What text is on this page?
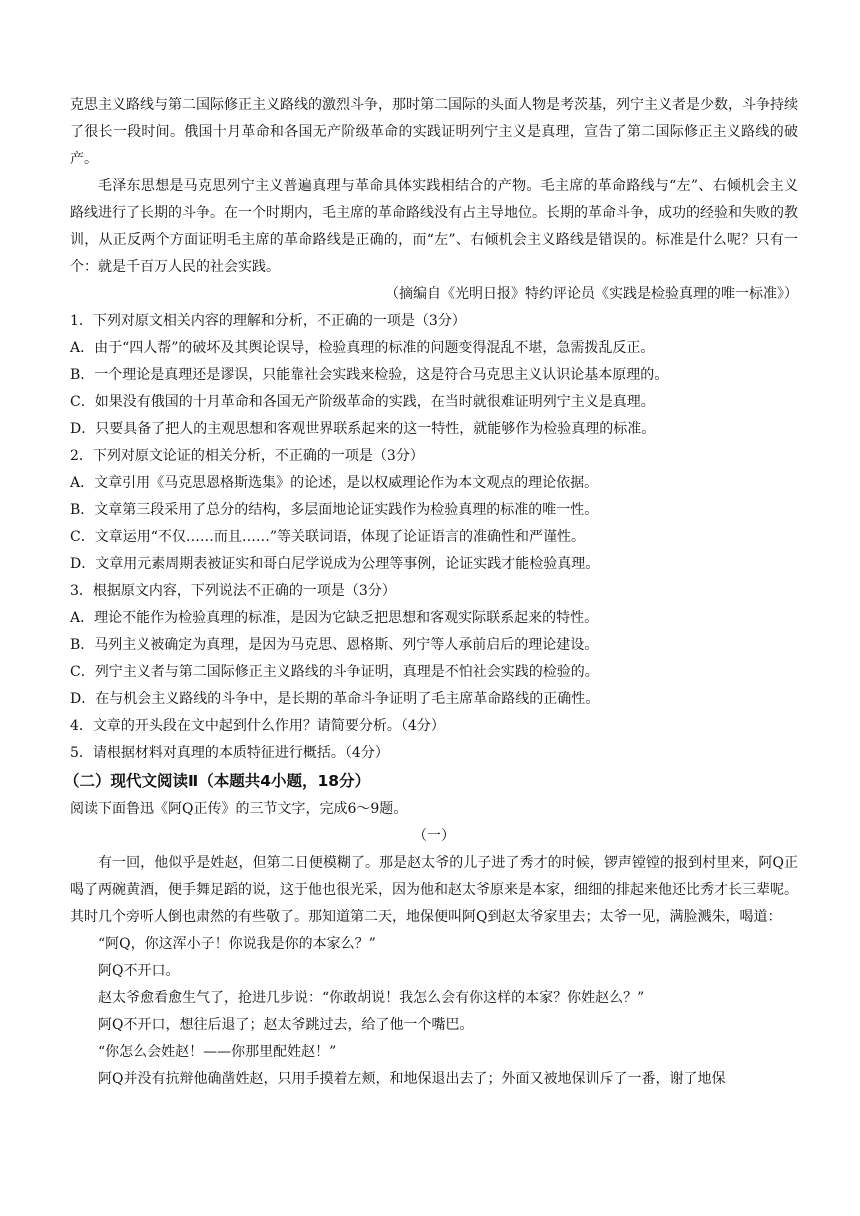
克思主义路线与第二国际修正主义路线的激烈斗争，那时第二国际的头面人物是考茨基，列宁主义者是少数，斗争持续了很长一段时间。俄国十月革命和各国无产阶级革命的实践证明列宁主义是真理，宣告了第二国际修正主义路线的破产。

毛泽东思想是马克思列宁主义普遍真理与革命具体实践相结合的产物。毛主席的革命路线与“左”、右倾机会主义路线进行了长期的斗争。在一个时期内，毛主席的革命路线没有占主导地位。长期的革命斗争，成功的经验和失败的教训，从正反两个方面证明毛主席的革命路线是正确的，而“左”、右倾机会主义路线是错误的。标准是什么呢？只有一个：就是千百万人民的社会实践。

（摘编自《光明日报》特约评论员《实践是检验真理的唯一标准》）

1．下列对原文相关内容的理解和分析，不正确的一项是（3分）

A．由于“四人帮”的破坏及其舆论误导，检验真理的标准的问题变得混乱不堪，急需拨乱反正。

B．一个理论是真理还是谬误，只能靠社会实践来检验，这是符合马克思主义认识论基本原理的。

C．如果没有俄国的十月革命和各国无产阶级革命的实践，在当时就很难证明列宁主义是真理。

D．只要具备了把人的主观思想和客观世界联系起来的这一特性，就能够作为检验真理的标准。

2．下列对原文论证的相关分析，不正确的一项是（3分）

A．文章引用《马克思恩格斯选集》的论述，是以权威理论作为本文观点的理论依据。

B．文章第三段采用了总分的结构，多层面地论证实践作为检验真理的标准的唯一性。

C．文章运用“不仅……而且……”等关联词语，体现了论证语言的准确性和严谨性。

D．文章用元素周期表被证实和哥白尼学说成为公理等事例，论证实践才能检验真理。

3．根据原文内容，下列说法不正确的一项是（3分）

A．理论不能作为检验真理的标准，是因为它缺乏把思想和客观实际联系起来的特性。

B．马列主义被确定为真理，是因为马克思、恩格斯、列宁等人承前启后的理论建设。

C．列宁主义者与第二国际修正主义路线的斗争证明，真理是不怕社会实践的检验的。

D．在与机会主义路线的斗争中，是长期的革命斗争证明了毛主席革命路线的正确性。

4．文章的开头段在文中起到什么作用？请简要分析。（4分）

5．请根据材料对真理的本质特征进行概括。（4分）

（二）现代文阅读Ⅱ（本题共4小题，18分）

阅读下面鲁迅《阿Q正传》的三节文字，完成6～9题。

（一）

有一回，他似乎是姓赵，但第二日便模糊了。那是赵太爷的儿子进了秀才的时候，锣声镗镗的报到村里来，阿Q正喝了两碗黄酒，便手舞足蹈的说，这于他也很光采，因为他和赵太爷原来是本家，细细的排起来他还比秀才长三辈呢。其时几个旁听人倒也肃然的有些敬了。那知道第二天，地保便叫阿Q到赵太爷家里去；太爷一见，满脸溅朱，喝道：

“阿Q，你这浑小子！你说我是你的本家么？”

阿Q不开口。

赵太爷愈看愈生气了，抢进几步说：“你敢胡说！我怎么会有你这样的本家？你姓赵么？”

阿Q不开口，想往后退了；赵太爷跳过去，给了他一个嘴巴。

“你怎么会姓赵！——你那里配姓赵！”

阿Q并没有抗辩他确凿姓赵，只用手摸着左颊，和地保退出去了；外面又被地保训斥了一番，谢了地保
